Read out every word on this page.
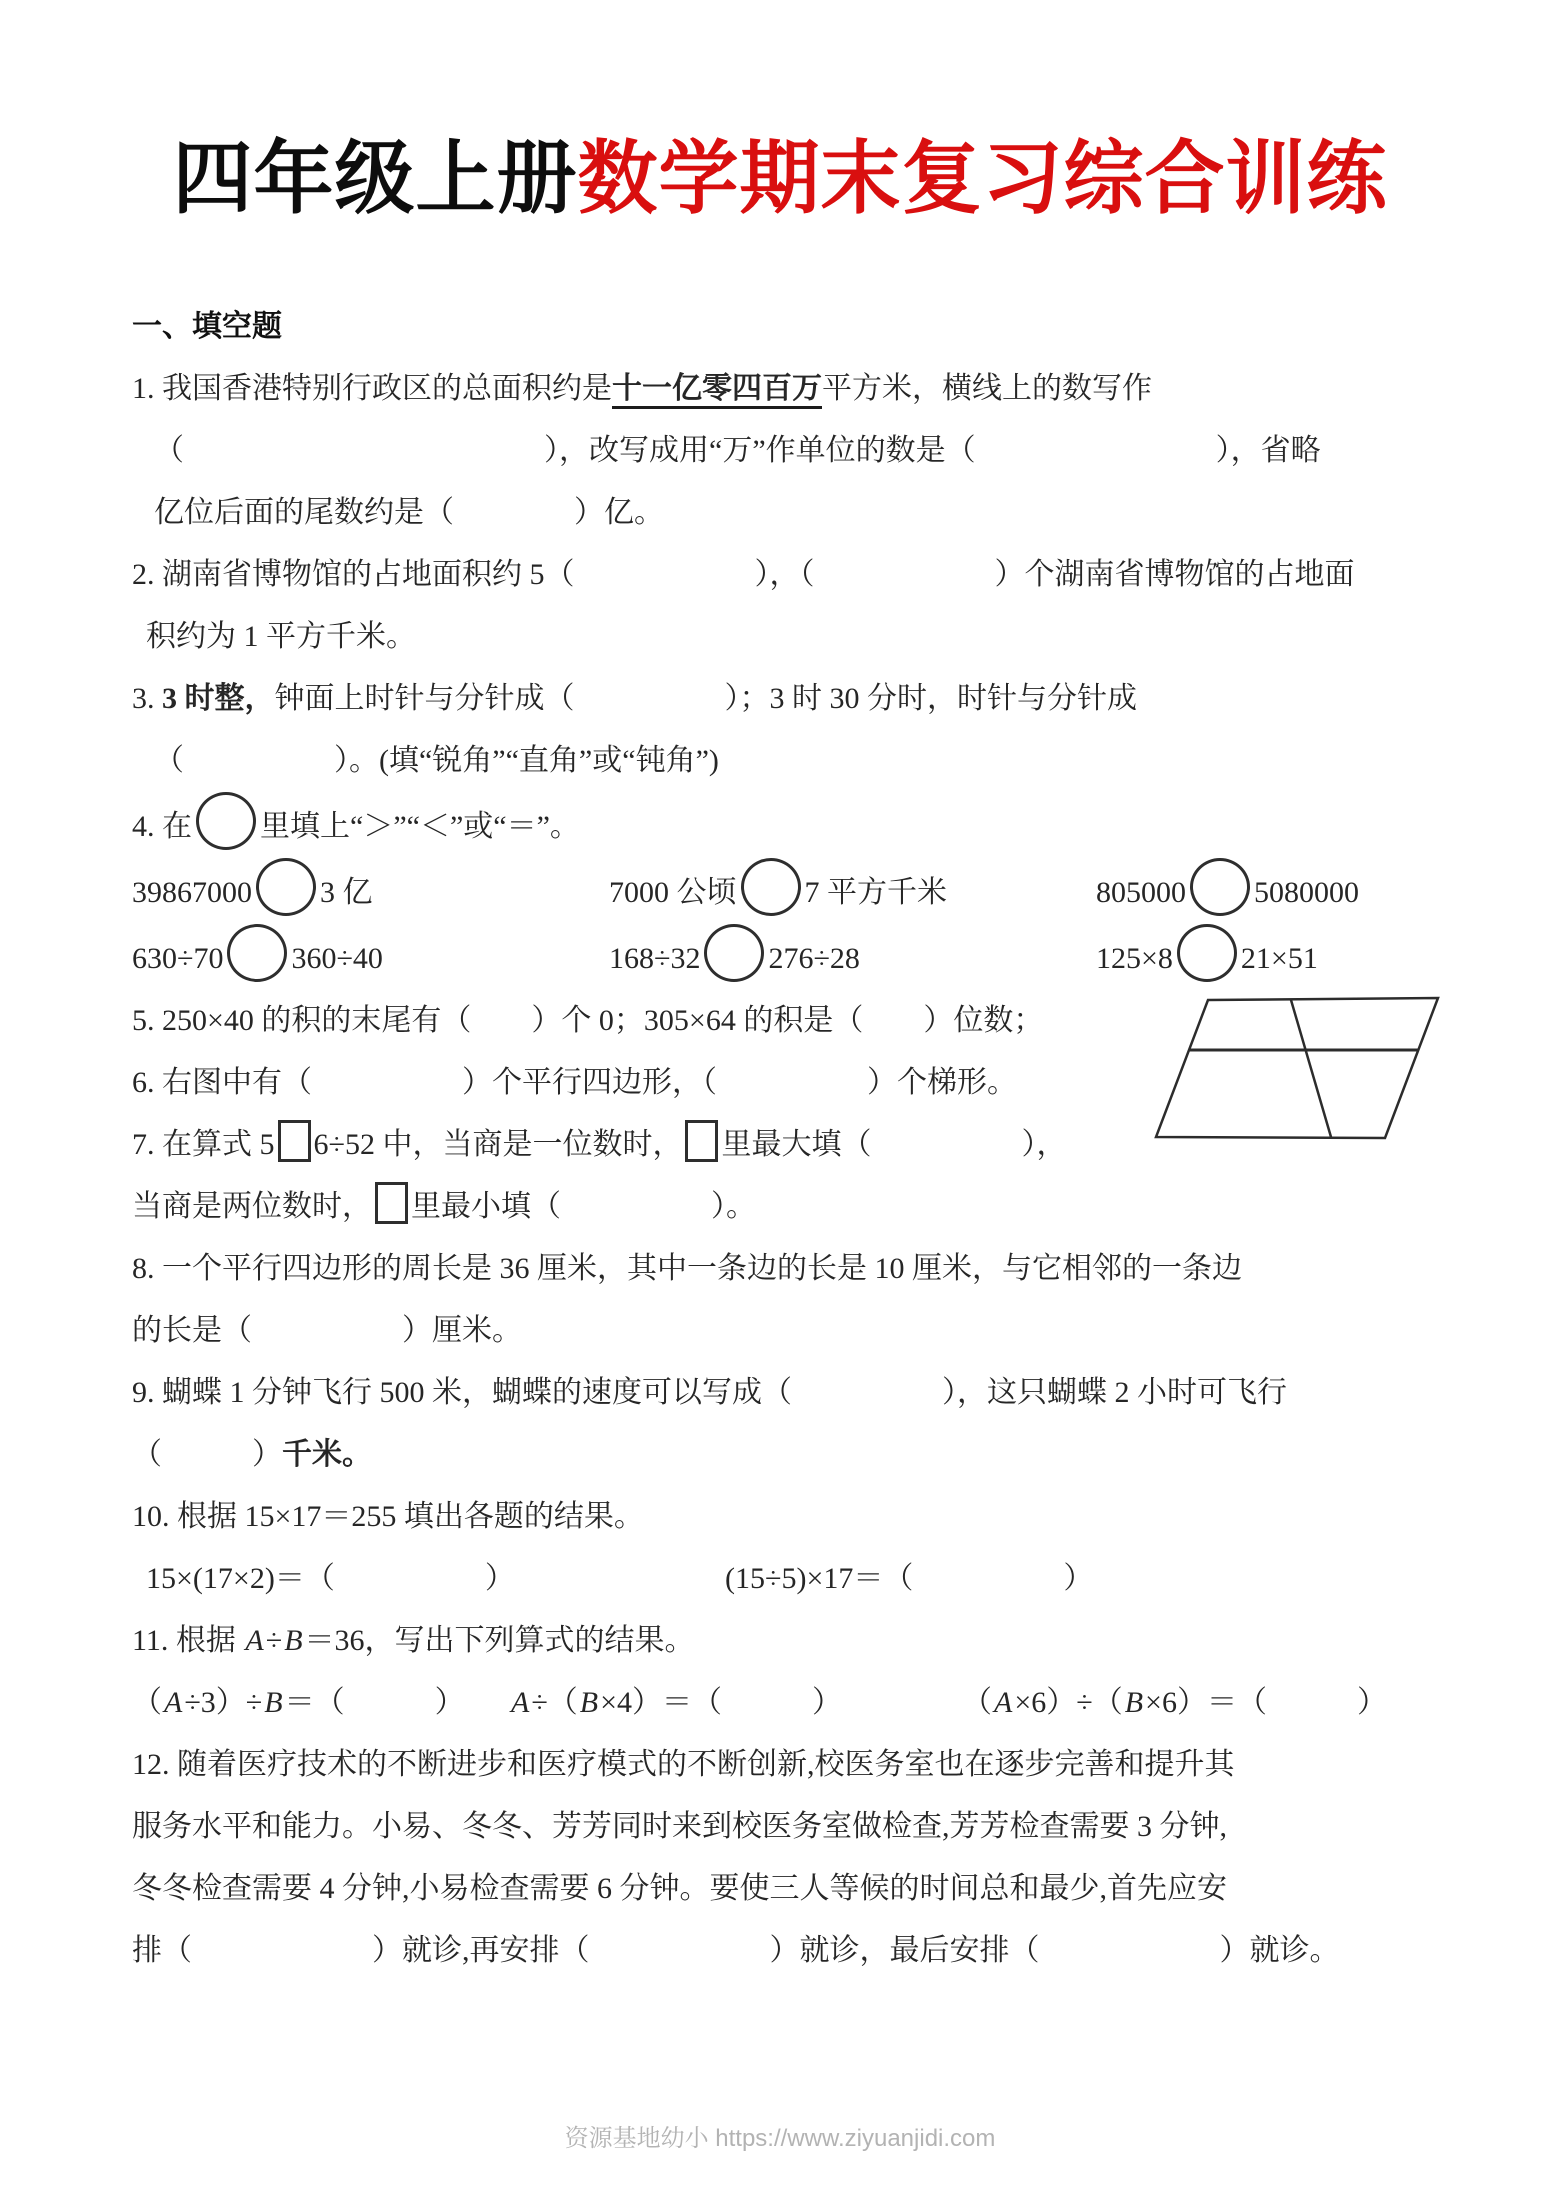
四年级上册数学期末复习综合训练
一、填空题
1. 我国香港特别行政区的总面积约是十一亿零四百万平方米，横线上的数写作
（　　　　　　　　　　　　），改写成用“万”作单位的数是（　　　　　　　　），省略
亿位后面的尾数约是（　　　　）亿。
2. 湖南省博物馆的占地面积约 5（　　　　　　），（　　　　　　）个湖南省博物馆的占地面
积约为 1 平方千米。
3. 3 时整，钟面上时针与分针成（　　　　　）；3 时 30 分时，时针与分针成
（　　　　　）。(填“锐角”“直角”或“钝角”)
4. 在 里填上“＞”“＜”或“＝”。
39867000 3 亿	7000 公顷 7 平方千米	805000 5080000
630÷70 360÷40	168÷32 276÷28	125×8 21×51
5. 250×40 的积的末尾有（　　）个 0；305×64 的积是（　　）位数；
6. 右图中有（　　　　　）个平行四边形，（　　　　　）个梯形。
7. 在算式 5 6÷52 中，当商是一位数时， 里最大填（　　　　　），
当商是两位数时， 里最小填（　　　　　）。
8. 一个平行四边形的周长是 36 厘米，其中一条边的长是 10 厘米，与它相邻的一条边
的长是（　　　　　）厘米。
9. 蝴蝶 1 分钟飞行 500 米，蝴蝶的速度可以写成（　　　　　），这只蝴蝶 2 小时可飞行
（　　　）千米。
10. 根据 15×17＝255 填出各题的结果。
15×(17×2)＝（　　　　　）	(15÷5)×17＝（　　　　　）
11. 根据 A÷B＝36，写出下列算式的结果。
（A÷3）÷B＝（　　　） A÷（B×4）＝（　　　）	（A×6）÷（B×6）＝（　　　）
12. 随着医疗技术的不断进步和医疗模式的不断创新,校医务室也在逐步完善和提升其
服务水平和能力。小易、冬冬、芳芳同时来到校医务室做检查,芳芳检查需要 3 分钟,
冬冬检查需要 4 分钟,小易检查需要 6 分钟。要使三人等候的时间总和最少,首先应安
排（　　　　　　）就诊,再安排（　　　　　　）就诊，最后安排（　　　　　　）就诊。
资源基地幼小 https://www.ziyuanjidi.com
